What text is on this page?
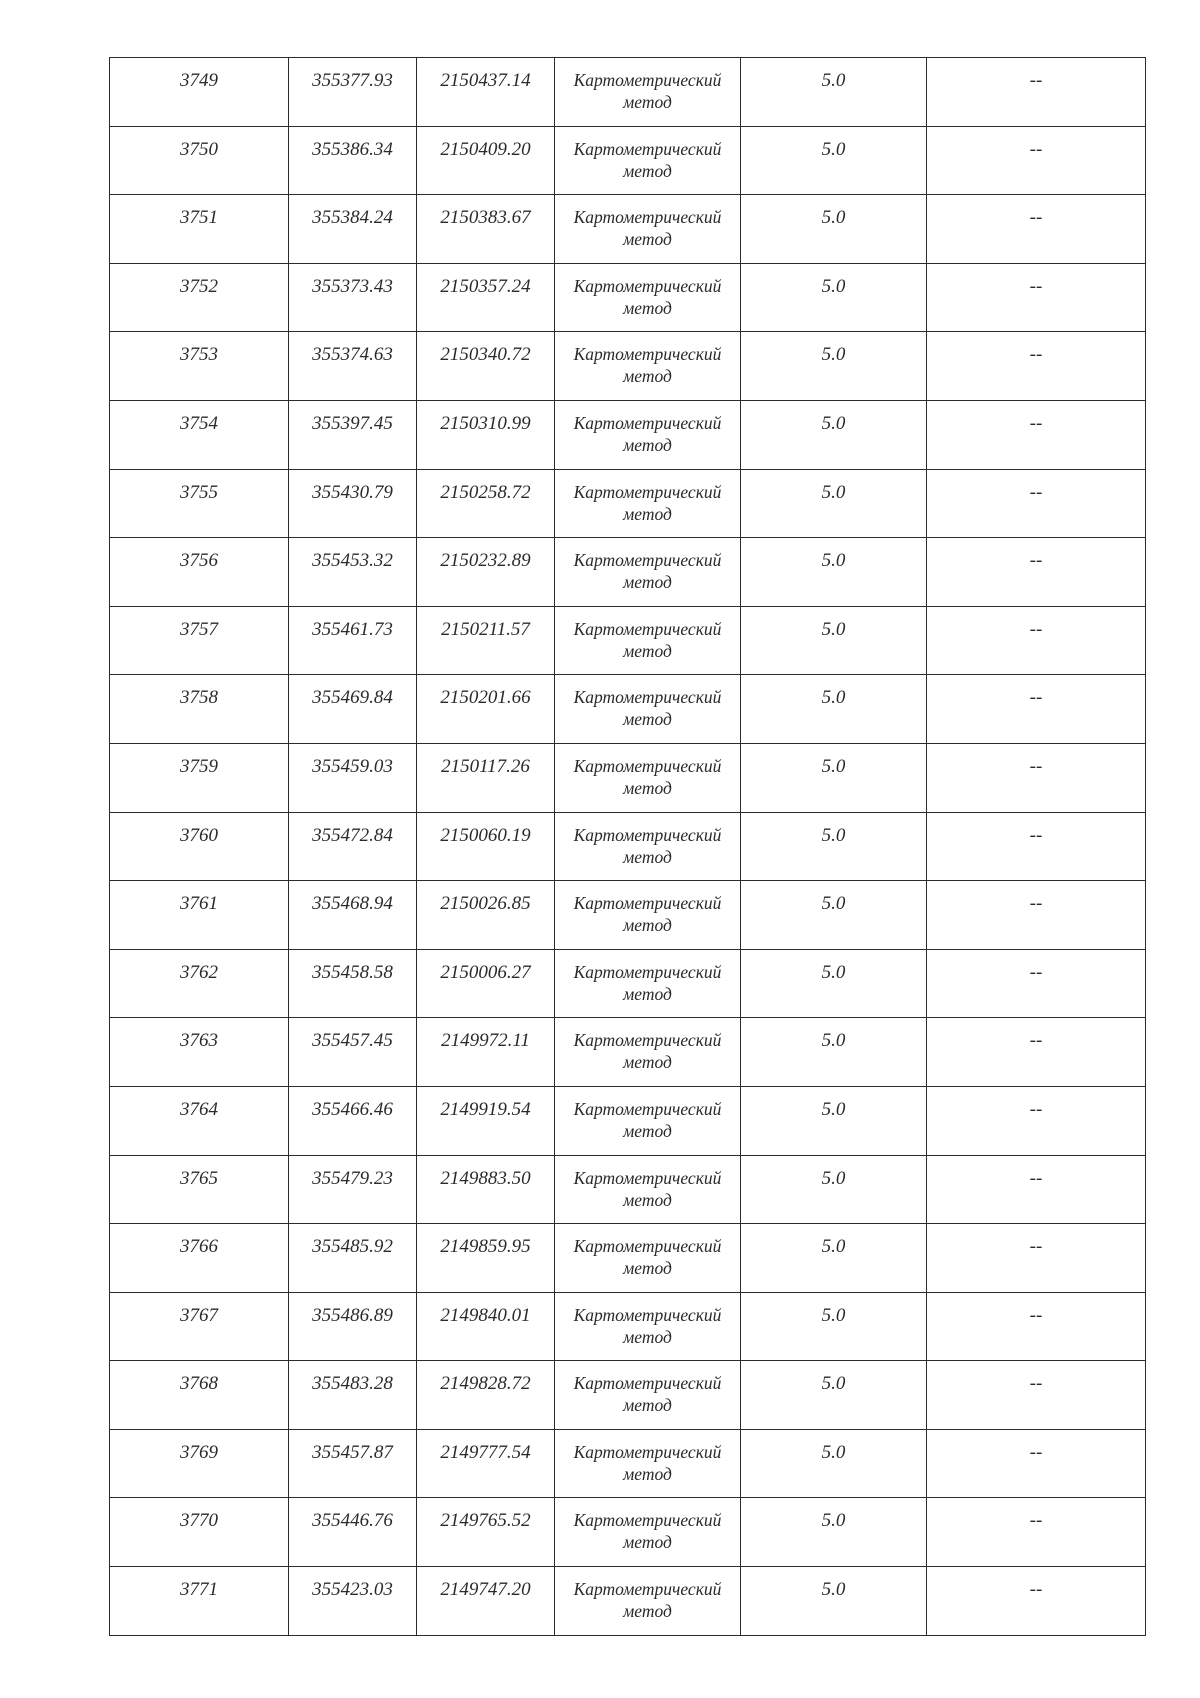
3749	355377.93	2150437.14	Картометрический
метод	5.0	--
3750	355386.34	2150409.20	Картометрический
метод	5.0	--
3751	355384.24	2150383.67	Картометрический
метод	5.0	--
3752	355373.43	2150357.24	Картометрический
метод	5.0	--
3753	355374.63	2150340.72	Картометрический
метод	5.0	--
3754	355397.45	2150310.99	Картометрический
метод	5.0	--
3755	355430.79	2150258.72	Картометрический
метод	5.0	--
3756	355453.32	2150232.89	Картометрический
метод	5.0	--
3757	355461.73	2150211.57	Картометрический
метод	5.0	--
3758	355469.84	2150201.66	Картометрический
метод	5.0	--
3759	355459.03	2150117.26	Картометрический
метод	5.0	--
3760	355472.84	2150060.19	Картометрический
метод	5.0	--
3761	355468.94	2150026.85	Картометрический
метод	5.0	--
3762	355458.58	2150006.27	Картометрический
метод	5.0	--
3763	355457.45	2149972.11	Картометрический
метод	5.0	--
3764	355466.46	2149919.54	Картометрический
метод	5.0	--
3765	355479.23	2149883.50	Картометрический
метод	5.0	--
3766	355485.92	2149859.95	Картометрический
метод	5.0	--
3767	355486.89	2149840.01	Картометрический
метод	5.0	--
3768	355483.28	2149828.72	Картометрический
метод	5.0	--
3769	355457.87	2149777.54	Картометрический
метод	5.0	--
3770	355446.76	2149765.52	Картометрический
метод	5.0	--
3771	355423.03	2149747.20	Картометрический
метод	5.0	--
